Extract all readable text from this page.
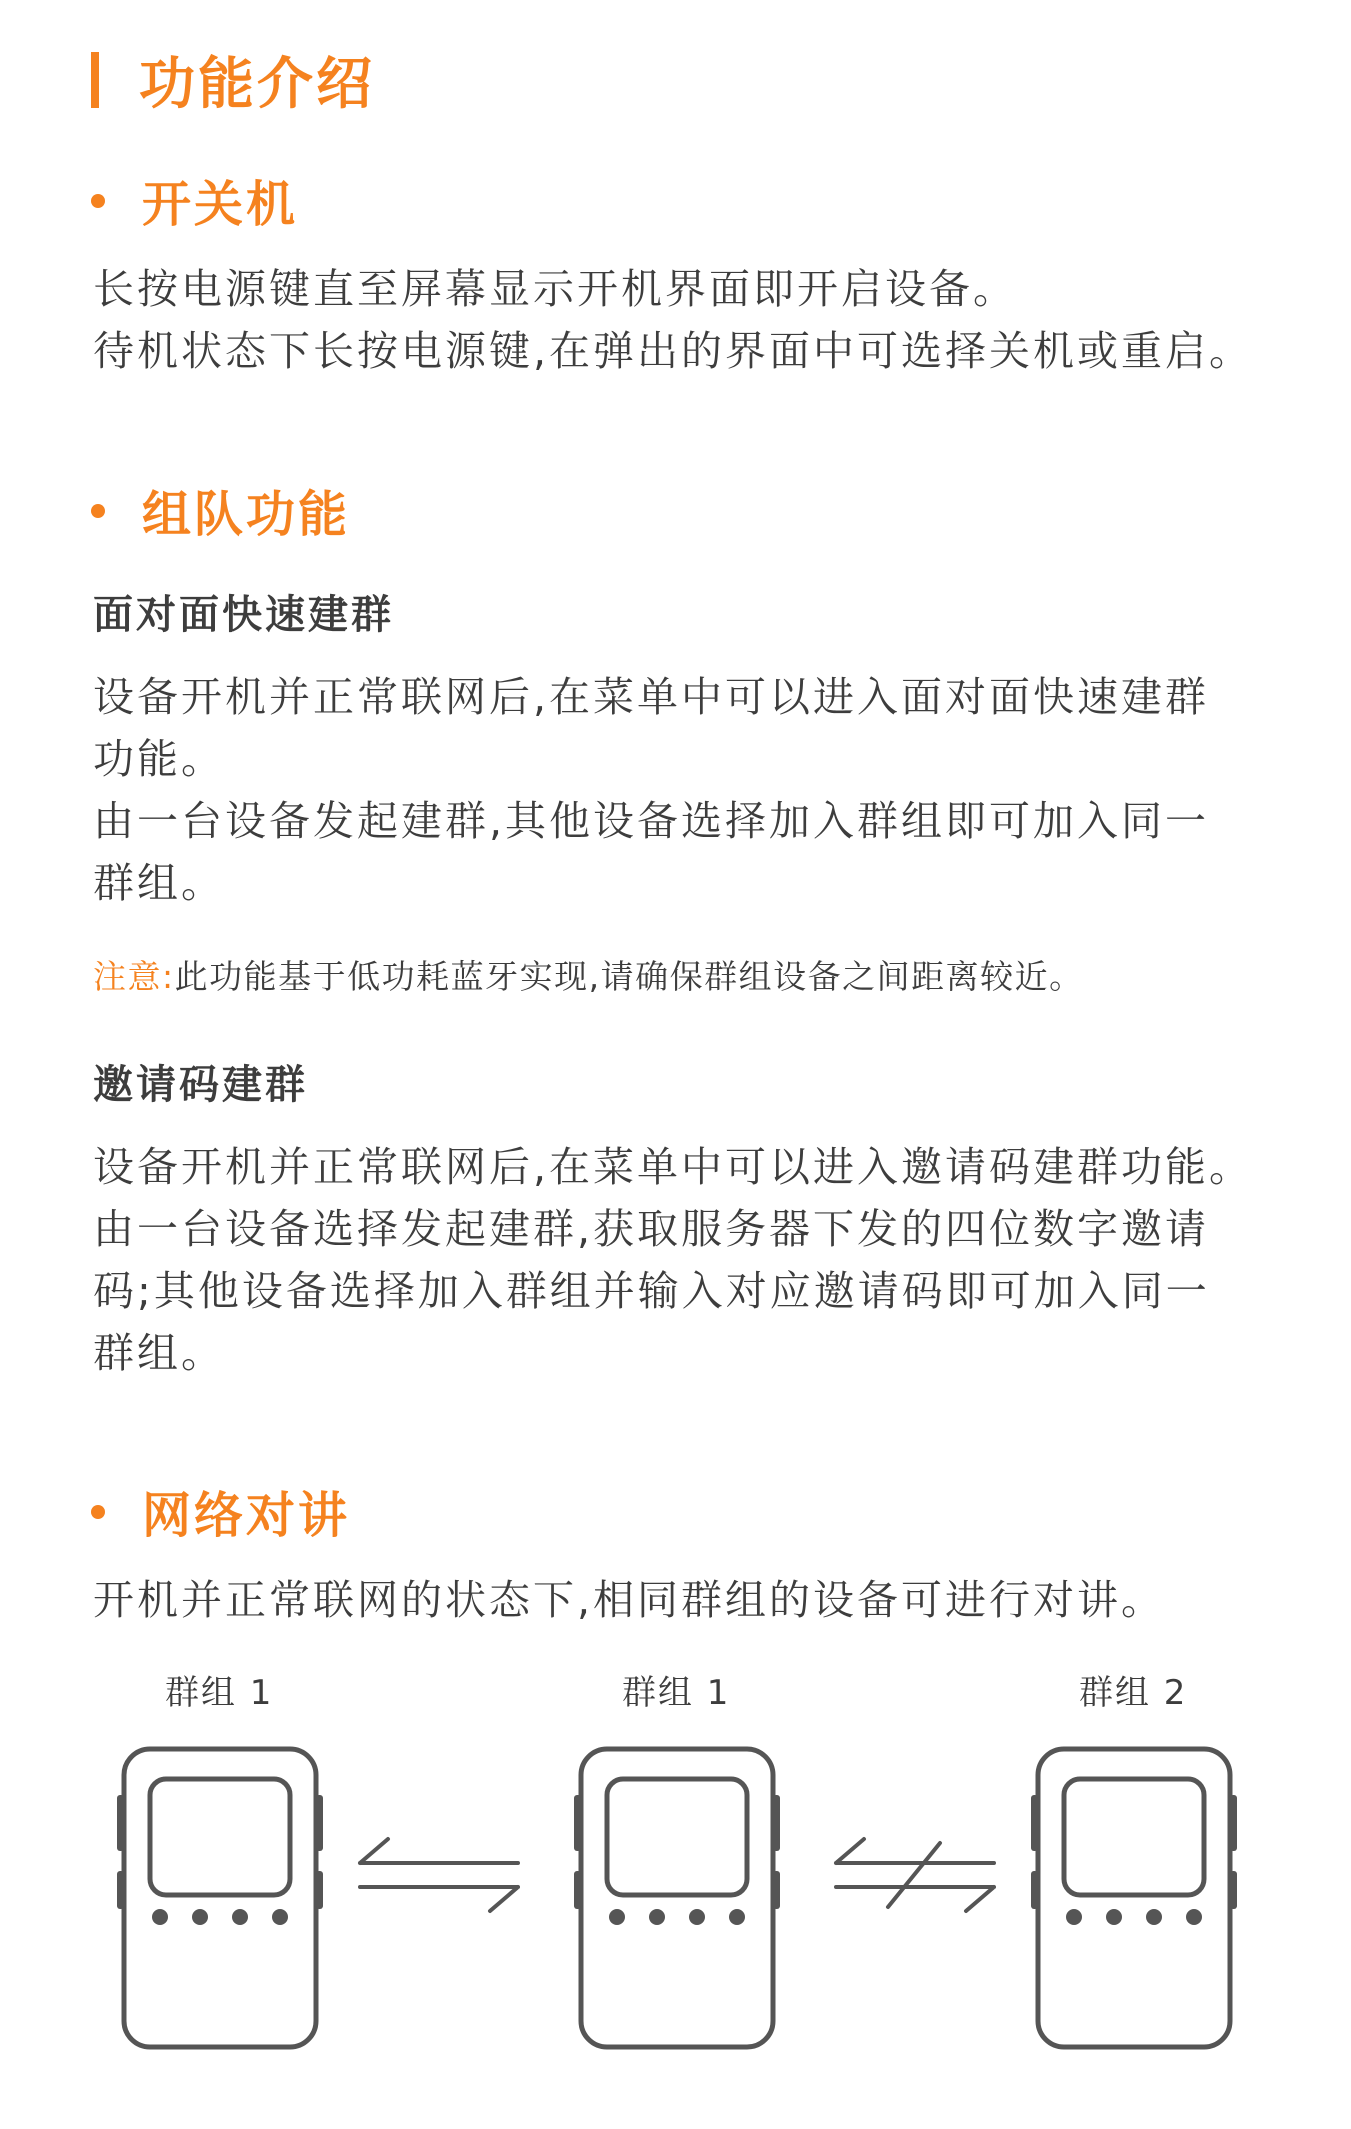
功能介绍
开关机
长按电源键直至屏幕显示开机界面即开启设备。
待机状态下长按电源键,在弹出的界面中可选择关机或重启。
组队功能
面对面快速建群
设备开机并正常联网后,在菜单中可以进入面对面快速建群
功能。
由一台设备发起建群,其他设备选择加入群组即可加入同一
群组。
注意:此功能基于低功耗蓝牙实现,请确保群组设备之间距离较近。
邀请码建群
设备开机并正常联网后,在菜单中可以进入邀请码建群功能。
由一台设备选择发起建群,获取服务器下发的四位数字邀请
码;其他设备选择加入群组并输入对应邀请码即可加入同一
群组。
网络对讲
开机并正常联网的状态下,相同群组的设备可进行对讲。
群组 1	群组 1	群组 2
